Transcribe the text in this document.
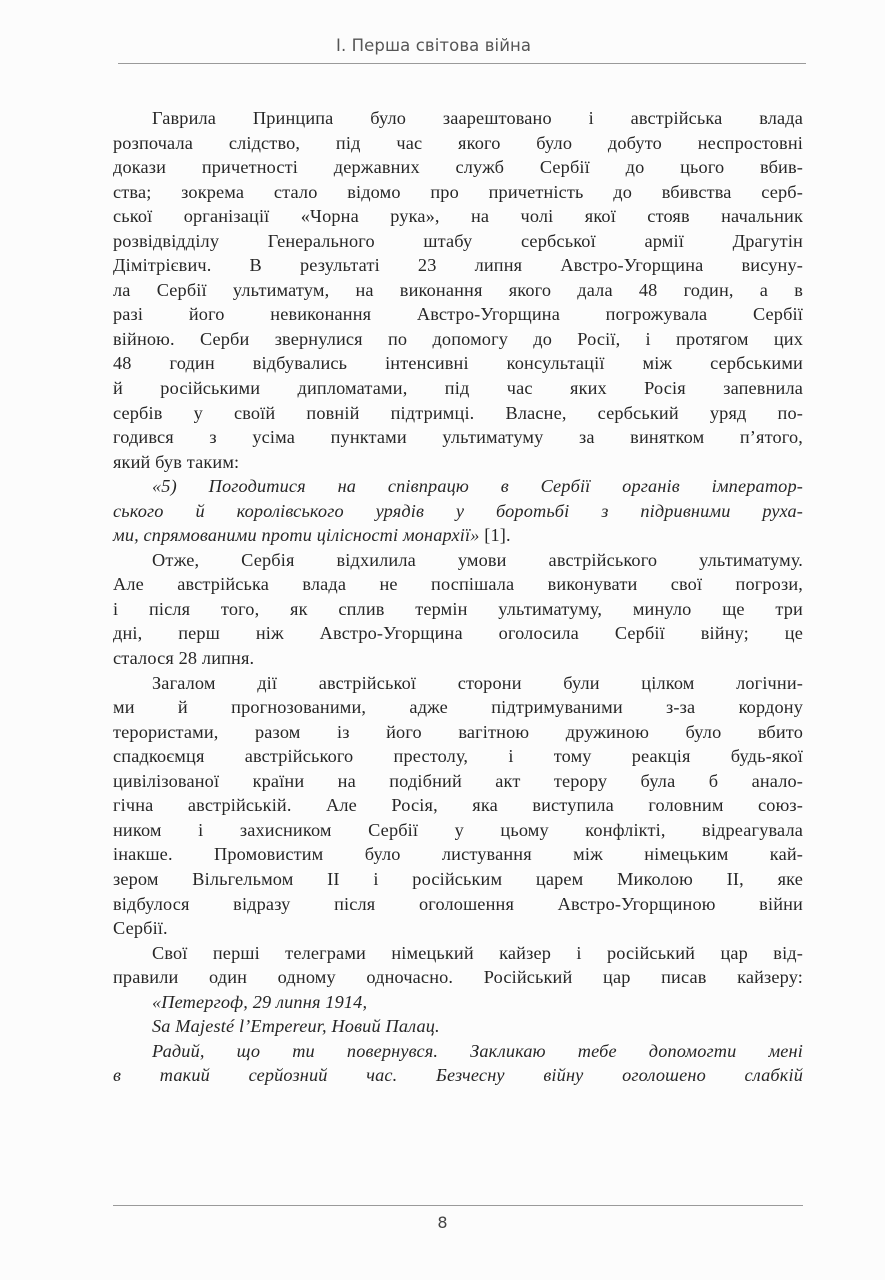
I. Перша світова війна
Гаврила Принципа було заарештовано і австрійська влада
розпочала слідство, під час якого було добуто неспростовні
докази причетності державних служб Сербії до цього вбив-
ства; зокрема стало відомо про причетність до вбивства серб-
ської організації «Чорна рука», на чолі якої стояв начальник
розвідвідділу Генерального штабу сербської армії Драгутін
Дімітрієвич. В результаті 23 липня Австро-Угорщина висуну-
ла Сербії ультиматум, на виконання якого дала 48 годин, а в
разі його невиконання Австро-Угорщина погрожувала Сербії
війною. Серби звернулися по допомогу до Росії, і протягом цих
48 годин відбувались інтенсивні консультації між сербськими
й російськими дипломатами, під час яких Росія запевнила
сербів у своїй повній підтримці. Власне, сербський уряд по-
годився з усіма пунктами ультиматуму за винятком п’ятого,
який був таким:
«5) Погодитися на співпрацю в Сербії органів імператор-
ського й королівського урядів у боротьбі з підривними руха-
ми, спрямованими проти цілісності монархії» [1].
Отже, Сербія відхилила умови австрійського ультиматуму.
Але австрійська влада не поспішала виконувати свої погрози,
і після того, як сплив термін ультиматуму, минуло ще три
дні, перш ніж Австро-Угорщина оголосила Сербії війну; це
сталося 28 липня.
Загалом дії австрійської сторони були цілком логічни-
ми й прогнозованими, адже підтримуваними з-за кордону
терористами, разом із його вагітною дружиною було вбито
спадкоємця австрійського престолу, і тому реакція будь-якої
цивілізованої країни на подібний акт терору була б анало-
гічна австрійській. Але Росія, яка виступила головним союз-
ником і захисником Сербії у цьому конфлікті, відреагувала
інакше. Промовистим було листування між німецьким кай-
зером Вільгельмом II і російським царем Миколою II, яке
відбулося відразу після оголошення Австро-Угорщиною війни
Сербії.
Свої перші телеграми німецький кайзер і російський цар від-
правили один одному одночасно. Російський цар писав кайзеру:
«Петергоф, 29 липня 1914,
Sa Majesté l’Empereur, Новий Палац.
Радий, що ти повернувся. Закликаю тебе допомогти мені
в такий серйозний час. Безчесну війну оголошено слабкій
8
